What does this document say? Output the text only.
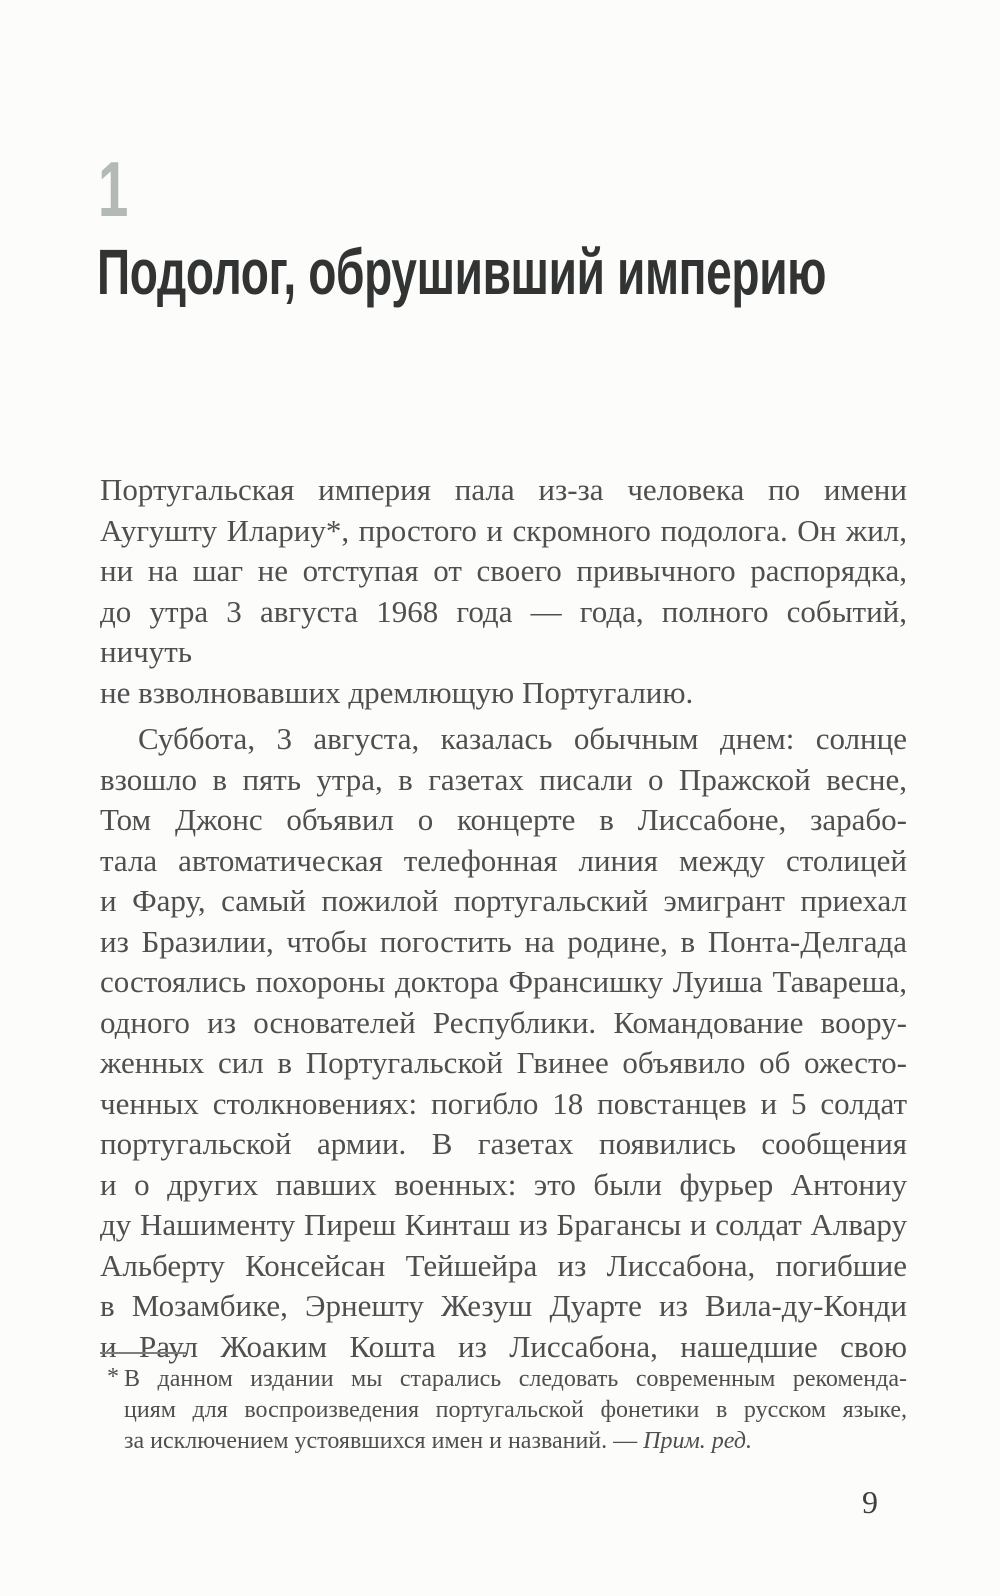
1
Подолог, обрушивший империю
Португальская империя пала из-за человека по имени
Аугушту Илариу*, простого и скромного подолога. Он жил,
ни на шаг не отступая от своего привычного распорядка,
до утра 3 августа 1968 года — года, полного событий, ничуть
не взволновавших дремлющую Португалию.
Суббота, 3 августа, казалась обычным днем: солнце
взошло в пять утра, в газетах писали о Пражской весне,
Том Джонс объявил о концерте в Лиссабоне, зарабо-
тала автоматическая телефонная линия между столицей
и Фару, самый пожилой португальский эмигрант приехал
из Бразилии, чтобы погостить на родине, в Понта-Делгада
состоялись похороны доктора Франсишку Луиша Тавареша,
одного из основателей Республики. Командование воору-
женных сил в Португальской Гвинее объявило об ожесто-
ченных столкновениях: погибло 18 повстанцев и 5 солдат
португальской армии. В газетах появились сообщения
и о других павших военных: это были фурьер Антониу
ду Нашименту Пиреш Кинташ из Брагансы и солдат Алвару
Альберту Консейсан Тейшейра из Лиссабона, погибшие
в Мозамбике, Эрнешту Жезуш Дуарте из Вила-ду-Конди
и Раул Жоаким Кошта из Лиссабона, нашедшие свою
* В данном издании мы старались следовать современным рекоменда-
циям для воспроизведения португальской фонетики в русском языке,
за исключением устоявшихся имен и названий. — Прим. ред.
9
